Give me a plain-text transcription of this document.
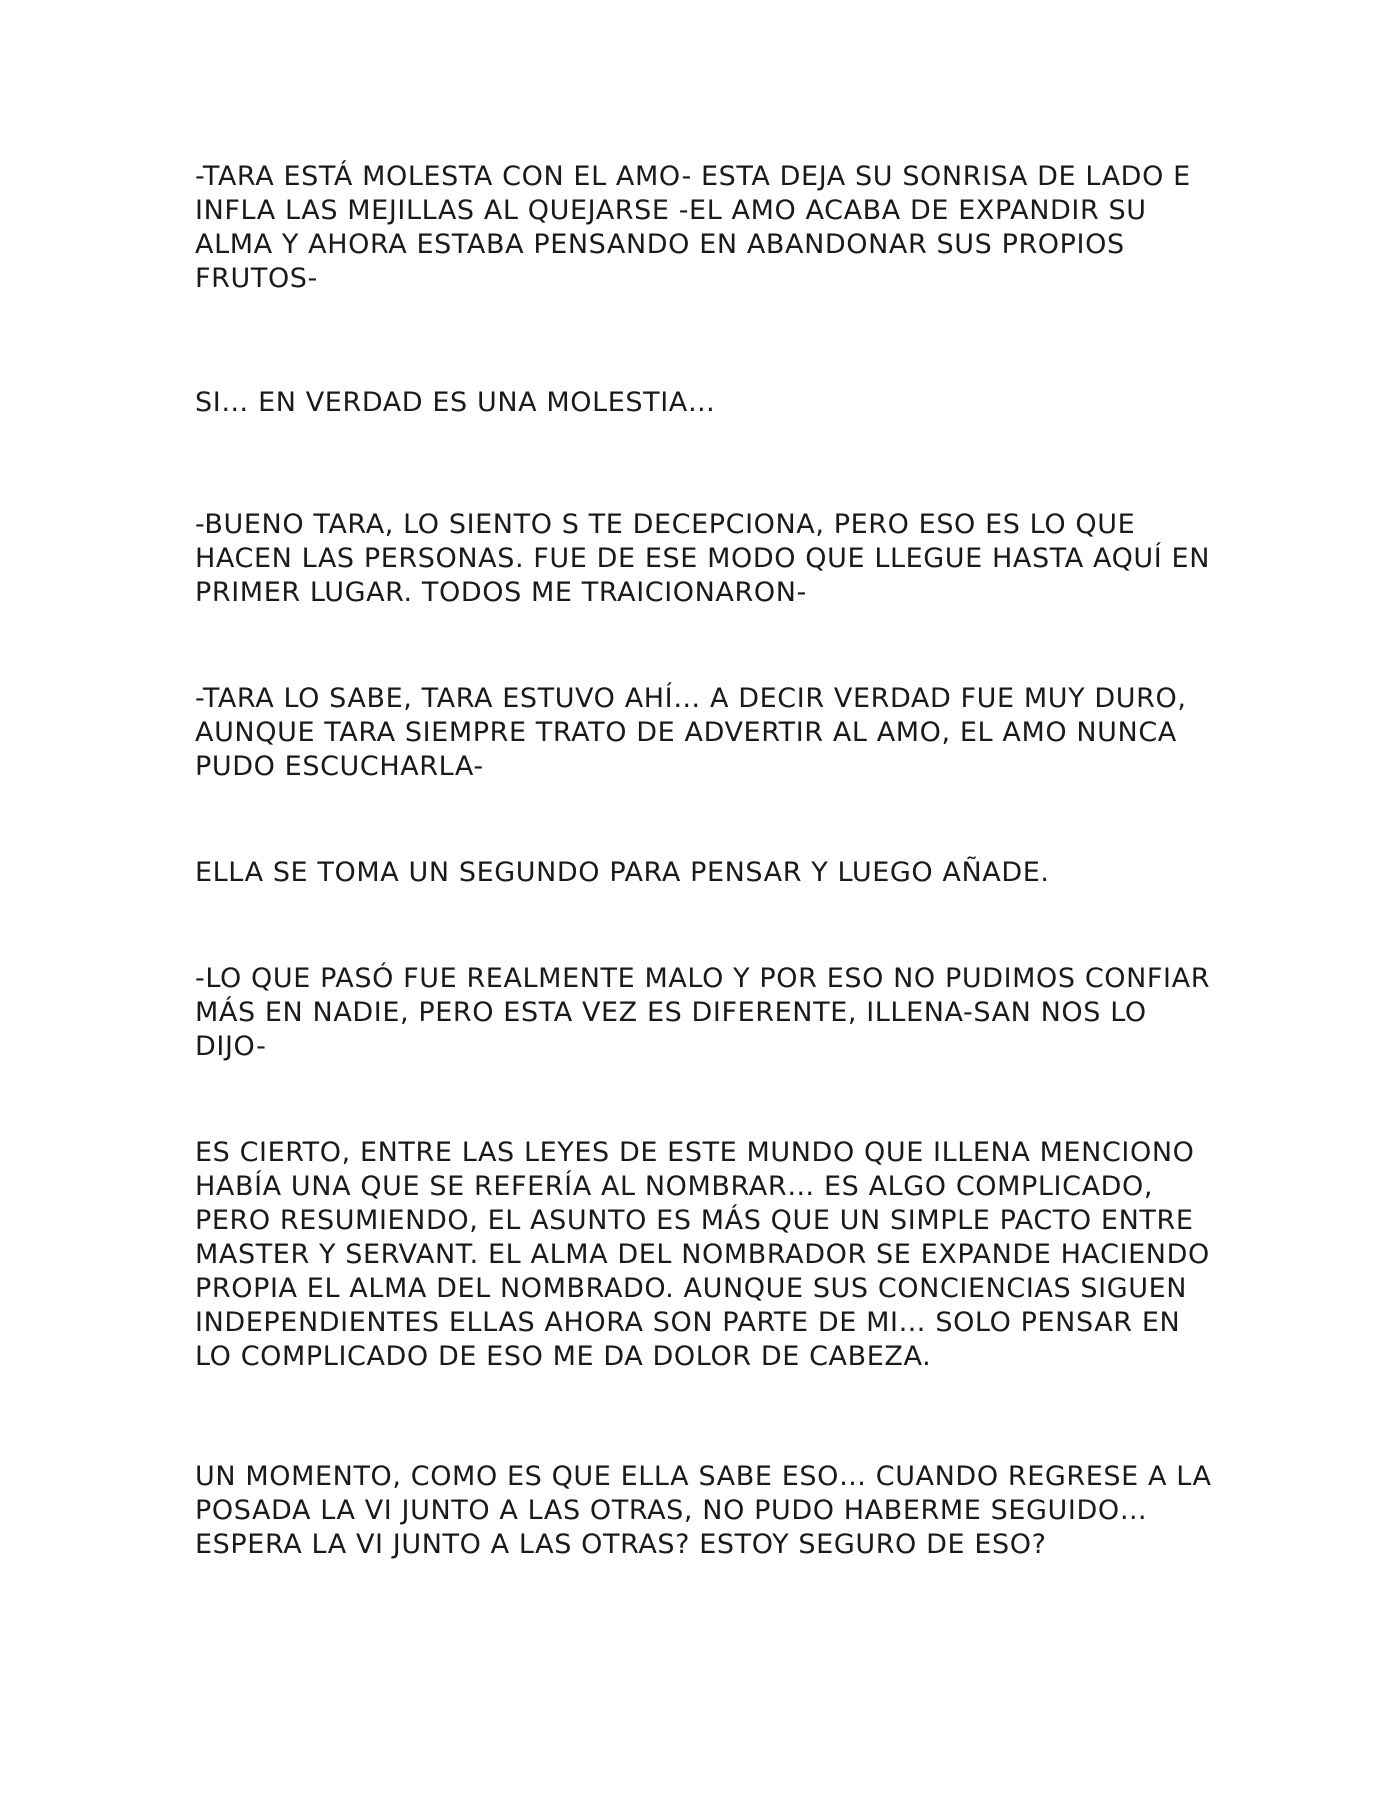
-TARA ESTÁ MOLESTA CON EL AMO- ESTA DEJA SU SONRISA DE LADO E INFLA LAS MEJILLAS AL QUEJARSE -EL AMO ACABA DE EXPANDIR SU ALMA Y AHORA ESTABA PENSANDO EN ABANDONAR SUS PROPIOS FRUTOS-

SI… EN VERDAD ES UNA MOLESTIA…

-BUENO TARA, LO SIENTO S TE DECEPCIONA, PERO ESO ES LO QUE HACEN LAS PERSONAS. FUE DE ESE MODO QUE LLEGUE HASTA AQUÍ EN PRIMER LUGAR. TODOS ME TRAICIONARON-

-TARA LO SABE, TARA ESTUVO AHÍ… A DECIR VERDAD FUE MUY DURO, AUNQUE TARA SIEMPRE TRATO DE ADVERTIR AL AMO, EL AMO NUNCA PUDO ESCUCHARLA-

ELLA SE TOMA UN SEGUNDO PARA PENSAR Y LUEGO AÑADE.

-LO QUE PASÓ FUE REALMENTE MALO Y POR ESO NO PUDIMOS CONFIAR MÁS EN NADIE, PERO ESTA VEZ ES DIFERENTE, ILLENA-SAN NOS LO DIJO-

ES CIERTO, ENTRE LAS LEYES DE ESTE MUNDO QUE ILLENA MENCIONO HABÍA UNA QUE SE REFERÍA AL NOMBRAR… ES ALGO COMPLICADO, PERO RESUMIENDO, EL ASUNTO ES MÁS QUE UN SIMPLE PACTO ENTRE MASTER Y SERVANT. EL ALMA DEL NOMBRADOR SE EXPANDE HACIENDO PROPIA EL ALMA DEL NOMBRADO. AUNQUE SUS CONCIENCIAS SIGUEN INDEPENDIENTES ELLAS AHORA SON PARTE DE MI… SOLO PENSAR EN LO COMPLICADO DE ESO ME DA DOLOR DE CABEZA.

UN MOMENTO, COMO ES QUE ELLA SABE ESO… CUANDO REGRESE A LA POSADA LA VI JUNTO A LAS OTRAS, NO PUDO HABERME SEGUIDO… ESPERA LA VI JUNTO A LAS OTRAS? ESTOY SEGURO DE ESO?
